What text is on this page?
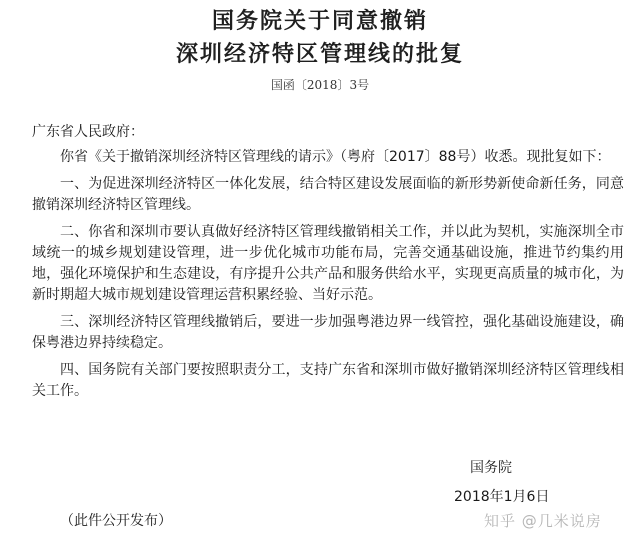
国务院关于同意撤销
深圳经济特区管理线的批复
国函〔2018〕3号

广东省人民政府：

你省《关于撤销深圳经济特区管理线的请示》（粤府〔2017〕88号）收悉。现批复如下：

一、为促进深圳经济特区一体化发展，结合特区建设发展面临的新形势新使命新任务，同意撤销深圳经济特区管理线。

二、你省和深圳市要认真做好经济特区管理线撤销相关工作，并以此为契机，实施深圳全市域统一的城乡规划建设管理，进一步优化城市功能布局，完善交通基础设施，推进节约集约用地，强化环境保护和生态建设，有序提升公共产品和服务供给水平，实现更高质量的城市化，为新时期超大城市规划建设管理运营积累经验、当好示范。

三、深圳经济特区管理线撤销后，要进一步加强粤港边界一线管控，强化基础设施建设，确保粤港边界持续稳定。

四、国务院有关部门要按照职责分工，支持广东省和深圳市做好撤销深圳经济特区管理线相关工作。

国务院
2018年1月6日
（此件公开发布）	知乎 @几米说房
